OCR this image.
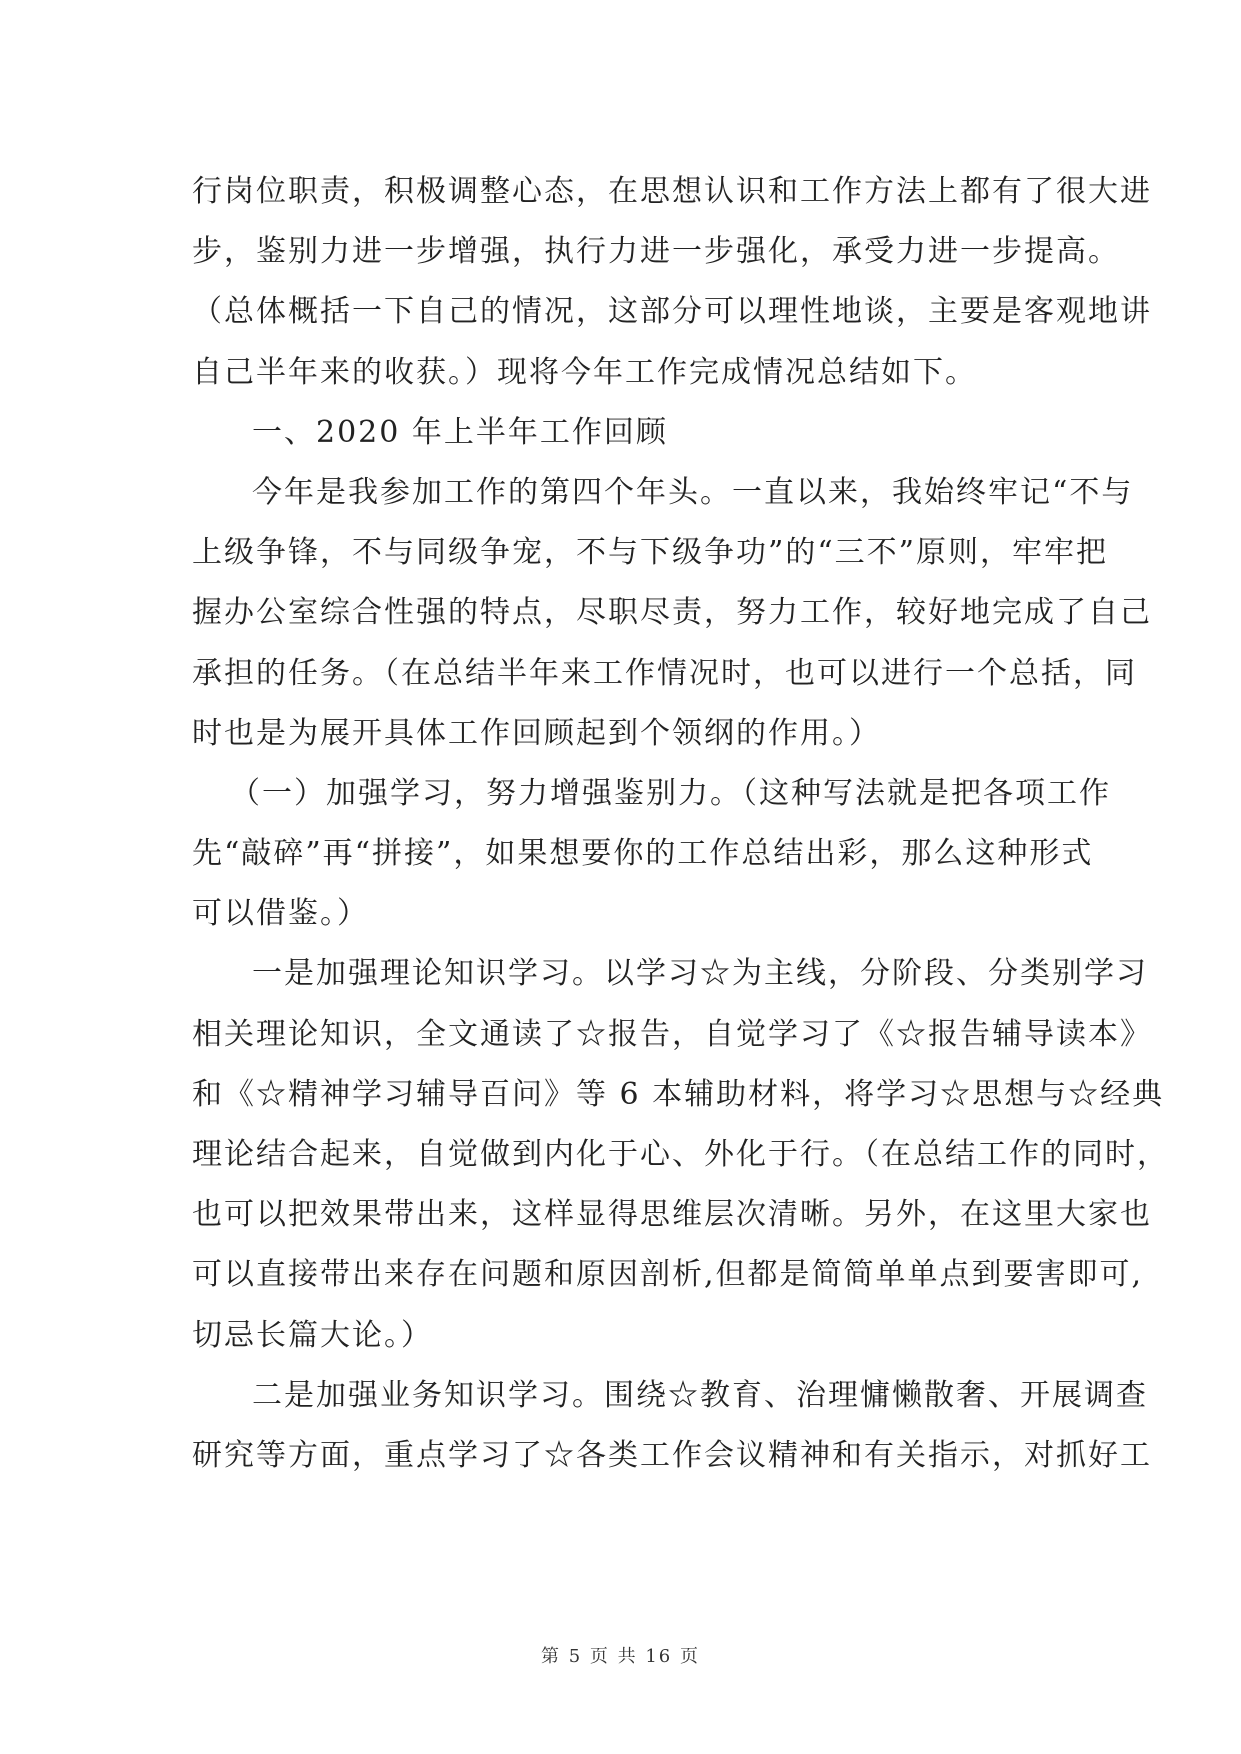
行岗位职责，积极调整心态，在思想认识和工作方法上都有了很大进
步，鉴别力进一步增强，执行力进一步强化，承受力进一步提高。
（总体概括一下自己的情况，这部分可以理性地谈，主要是客观地讲
自己半年来的收获。）现将今年工作完成情况总结如下。
一、2020 年上半年工作回顾
今年是我参加工作的第四个年头。一直以来，我始终牢记“不与
上级争锋，不与同级争宠，不与下级争功”的“三不”原则，牢牢把
握办公室综合性强的特点，尽职尽责，努力工作，较好地完成了自己
承担的任务。（在总结半年来工作情况时，也可以进行一个总括，同
时也是为展开具体工作回顾起到个领纲的作用。）
（一）加强学习，努力增强鉴别力。（这种写法就是把各项工作
先“敲碎”再“拼接”，如果想要你的工作总结出彩，那么这种形式
可以借鉴。）
一是加强理论知识学习。以学习☆为主线，分阶段、分类别学习
相关理论知识，全文通读了☆报告，自觉学习了《☆报告辅导读本》
和《☆精神学习辅导百问》等 6 本辅助材料，将学习☆思想与☆经典
理论结合起来，自觉做到内化于心、外化于行。（在总结工作的同时，
也可以把效果带出来，这样显得思维层次清晰。另外，在这里大家也
可以直接带出来存在问题和原因剖析,但都是简简单单点到要害即可,
切忌长篇大论。）
二是加强业务知识学习。围绕☆教育、治理慵懒散奢、开展调查
研究等方面，重点学习了☆各类工作会议精神和有关指示，对抓好工
第 5 页 共 16 页
